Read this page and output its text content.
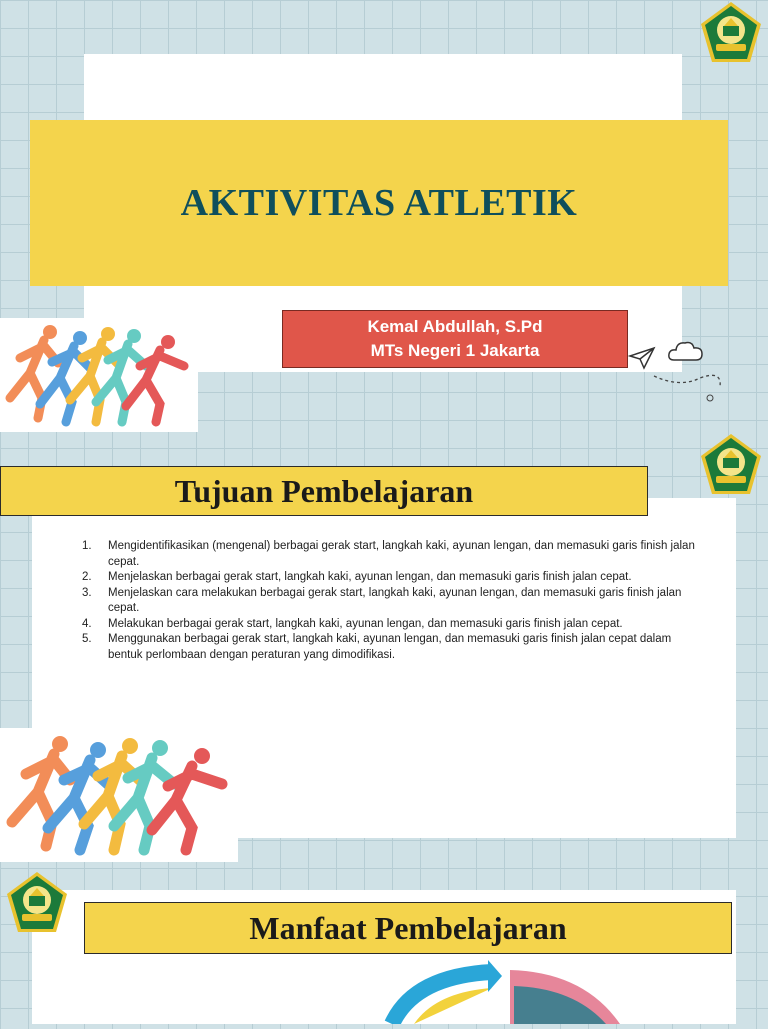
AKTIVITAS ATLETIK
Kemal Abdullah, S.Pd
MTs Negeri 1 Jakarta
Tujuan Pembelajaran
1.	Mengidentifikasikan (mengenal) berbagai gerak start, langkah kaki, ayunan lengan, dan memasuki garis finish jalan cepat.
2.	Menjelaskan berbagai gerak start, langkah kaki, ayunan lengan, dan memasuki garis finish jalan cepat.
3.	Menjelaskan cara melakukan berbagai gerak start, langkah kaki, ayunan lengan, dan memasuki garis finish jalan cepat.
4.	Melakukan berbagai gerak start, langkah kaki, ayunan lengan, dan memasuki garis finish jalan cepat.
5.	Menggunakan berbagai gerak start, langkah kaki, ayunan lengan, dan memasuki garis finish jalan cepat dalam bentuk perlombaan dengan peraturan yang dimodifikasi.
Manfaat Pembelajaran
